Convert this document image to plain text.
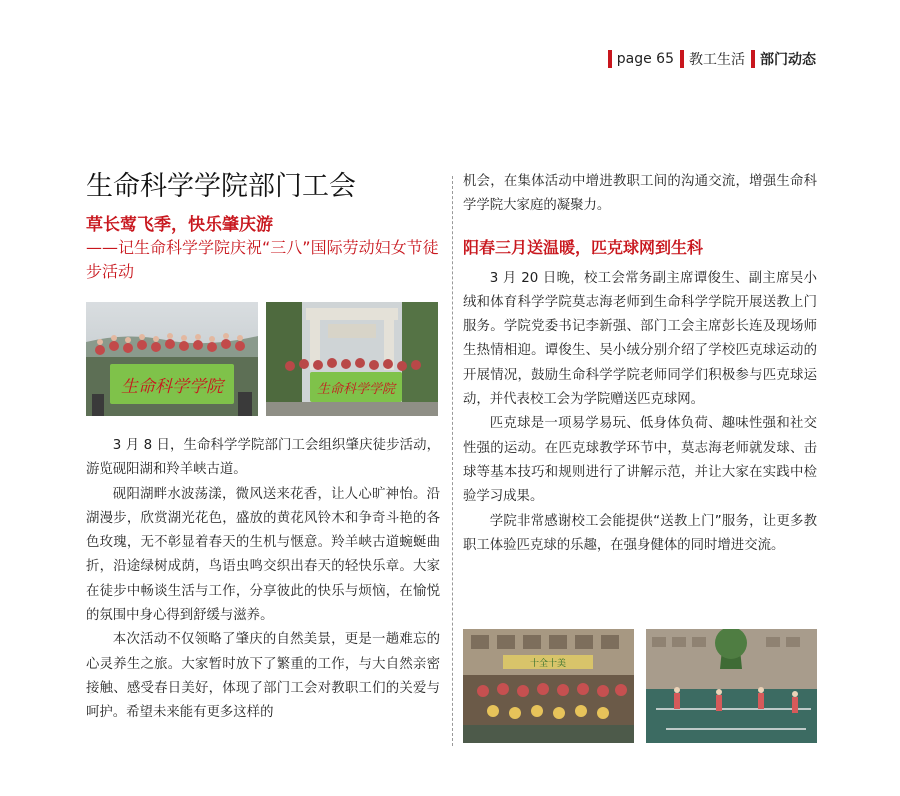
page 65 教工生活 部门动态
生命科学学院部门工会
草长莺飞季，快乐肇庆游
——记生命科学学院庆祝“三八”国际劳动妇女节徒步活动
生命科学学院	生命科学学院

3 月 8 日，生命科学学院部门工会组织肇庆徒步活动，游览砚阳湖和羚羊峡古道。

砚阳湖畔水波荡漾，微风送来花香，让人心旷神怡。沿湖漫步，欣赏湖光花色，盛放的黄花风铃木和争奇斗艳的各色玫瑰，无不彰显着春天的生机与惬意。羚羊峡古道蜿蜒曲折，沿途绿树成荫，鸟语虫鸣交织出春天的轻快乐章。大家在徒步中畅谈生活与工作，分享彼此的快乐与烦恼，在愉悦的氛围中身心得到舒缓与滋养。

本次活动不仅领略了肇庆的自然美景，更是一趟难忘的心灵养生之旅。大家暂时放下了繁重的工作，与大自然亲密接触、感受春日美好，体现了部门工会对教职工们的关爱与呵护。希望未来能有更多这样的

机会，在集体活动中增进教职工间的沟通交流，增强生命科学学院大家庭的凝聚力。

阳春三月送温暖，匹克球网到生科

3 月 20 日晚，校工会常务副主席谭俊生、副主席吴小绒和体育科学学院莫志海老师到生命科学学院开展送教上门服务。学院党委书记李新强、部门工会主席彭长连及现场师生热情相迎。谭俊生、吴小绒分别介绍了学校匹克球运动的开展情况，鼓励生命科学学院老师同学们积极参与匹克球运动，并代表校工会为学院赠送匹克球网。

匹克球是一项易学易玩、低身体负荷、趣味性强和社交性强的运动。在匹克球教学环节中，莫志海老师就发球、击球等基本技巧和规则进行了讲解示范，并让大家在实践中检验学习成果。

学院非常感谢校工会能提供“送教上门”服务，让更多教职工体验匹克球的乐趣，在强身健体的同时增进交流。

十全十美
